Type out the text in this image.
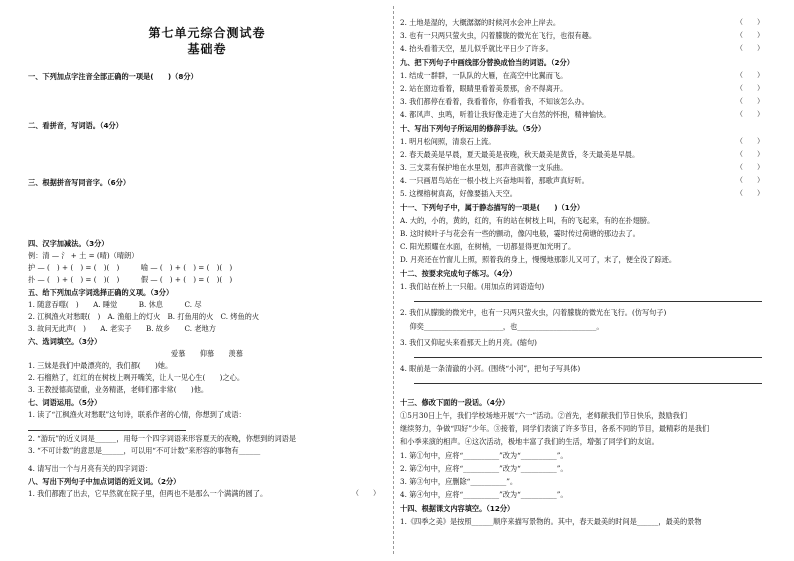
第七单元综合测试卷
基础卷
一、下列加点字注音全部正确的一项是(　　)（8分）
二、看拼音，写词语。（4分）
三、根据拼音写同音字。（6分）
四、汉字加减法。（3分）
例：清 — 氵 + 土 = (晴)（晴朗）
护 — (　) + (　) = (　)(　)　　　喻 — (　) + (　) = (　)(　)
扑 — (　) + (　) = (　)(　)　　　假 — (　) + (　) = (　)(　)
五、给下列加点字词选择正确的义项。（3分）
1. 随意吞噬(　)　　A. 睡觉　　　B. 休息　　　C. 尽
2. 江枫渔火对愁眠(　)　A. 渔船上的灯火　B. 打鱼用的火　C. 烤鱼的火
3. 故问无此声(　)　　A. 老实子　　B. 故乡　　C. 老地方
六、选词填空。（3分）
爱慕　　仰慕　　羡慕
1. 三妹是我们中最漂亮的，我们都(　　)她。
2. 石榴熟了，红红的在树枝上咧开嘴笑，让人一见心生(　　)之心。
3. 王教授德高望重，业务精湛，老师们都非常(　　)他。
七、词语运用。（5分）
1. 读了“江枫渔火对愁眠”这句诗，联系作者的心情，你想到了成语：
2. “游玩”的近义词是______，用每一个四字词语来形容夏天的夜晚，你想到的词语是
3. “不可计数”的意思是______，可以用“不可计数”来形容的事物有______
4. 请写出一个与月亮有关的四字词语：
八、写出下列句子中加点词语的近义词。（2分）
1. 我们都跑了出去，它早然就在院子里，但两也不是那么一个满满的圆了。	（　　）
2. 土地是湿的，大概潺潺的时候河水会冲上岸去。	（　　）
3. 也有一只两只萤火虫，闪着朦胧的微光在飞行，也很有趣。	（　　）
4. 抬头看着天空，星儿似乎就比平日少了许多。	（　　）
九、把下列句子中画线部分替换成恰当的词语。（2分）
1. 结成一群群，一队队的大雁，在高空中比翼而飞。	（　　）
2. 站在窗边看着，眼睛里看着美景那，舍不得离开。	（　　）
3. 我们都停在看着，我看着你，你看着我，不知该怎么办。	（　　）
4. 都风声、虫鸣，听着让我好像走进了大自然的怀抱，精神愉快。	（　　）
十、写出下列句子所运用的修辞手法。（5分）
1. 明月松间照，清泉石上流。	（　　）
2. 春天最美是早晨，夏天最美是夜晚，秋天最美是黄昏，冬天最美是早晨。	（　　）
3. 三支菜有保护地在水里划，那声音就像一支乐曲。	（　　）
4. 一只画眉鸟站在一根小枝上兴奋地叫着，那歌声真好听。	（　　）
5. 这棵榕树真高，好像要插入天空。	（　　）
十一、下列句子中，属于静态描写的一项是(　　)（1分）
A. 大的，小的，黄的，红的，有的站在树枝上叫，有的飞起来，有的在扑翅膀。
B. 这时候叶子与花会有一些的颤动，像闪电般，霎时传过荷塘的那边去了。
C. 阳光照耀在水面，在树梢，一切都显得更加光明了。
D. 月亮还在竹窗儿上照，照着我的身上，慢慢地那影儿又可了，末了，便全没了踪迹。
十二、按要求完成句子练习。（4分）
1. 我们站在桥上一只船。(用加点的词语造句)
2. 我们从朦胧的微光中，也有一只两只萤火虫，闪着朦胧的微光在飞行。(仿写句子)
　 仰奕______________________，也______________________。
3. 我们又仰起头来看那天上的月亮。(缩句)
4. 眼前是一条清澈的小河。(围绕“小河”，把句子写具体)
十三、修改下面的一段话。（4分）
①5月30日上午，我们学校场地开展“六一”活动。②首先，老师献我们节日快乐，鼓励我们
继续努力，争做“四好”少年。③接着，同学们表演了许多节目，各系不同的节目，最精彩的是我们
和小季来演的相声。④这次活动，极地丰富了我们的生活，增强了同学们的友谊。
1. 第①句中，应将“__________”改为“__________”。
2. 第②句中，应将“__________”改为“__________”。
3. 第③句中，应删除“__________”。
4. 第④句中，应将“__________”改为“__________”。
十四、根据课文内容填空。（12分）
1.《四季之美》是按照______顺序来描写景物的。其中，春天最美的时间是______，最美的景物
